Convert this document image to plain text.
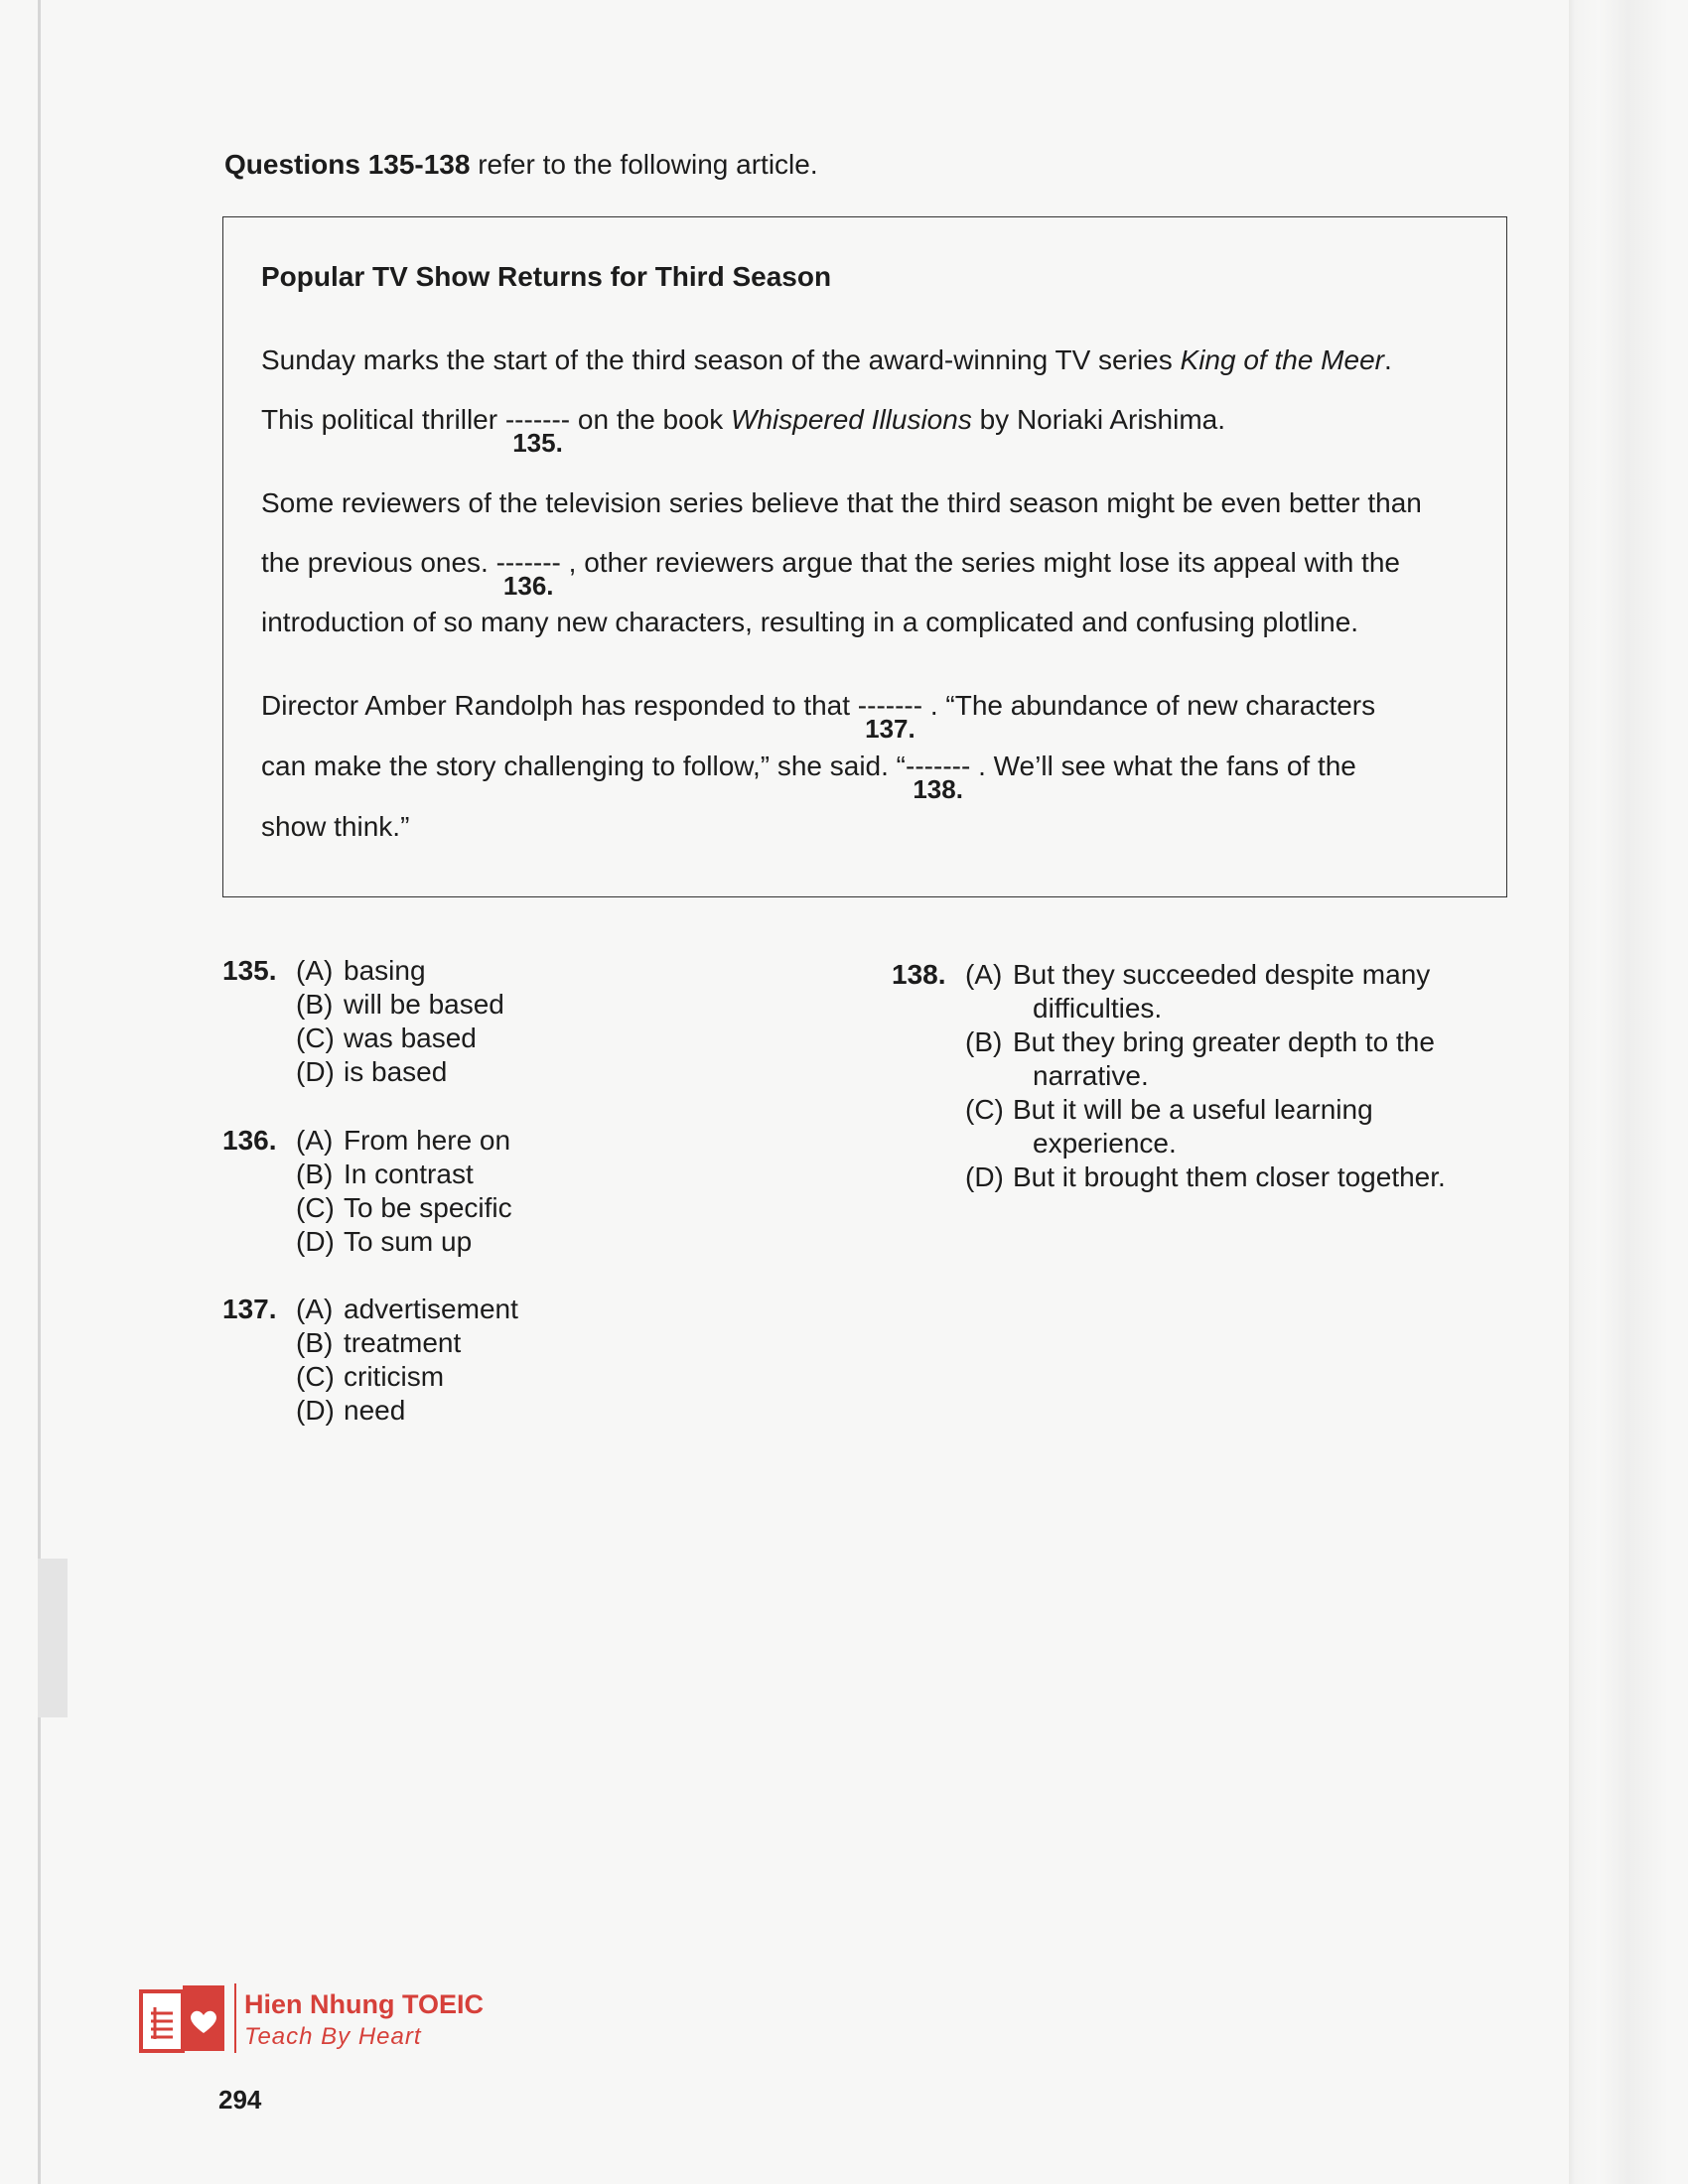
Questions 135-138 refer to the following article.
Popular TV Show Returns for Third Season
Sunday marks the start of the third season of the award-winning TV series King of the Meer.
This political thriller -------
135.
on the book Whispered Illusions by Noriaki Arishima.
Some reviewers of the television series believe that the third season might be even better than
the previous ones. -------
136.
, other reviewers argue that the series might lose its appeal with the
introduction of so many new characters, resulting in a complicated and confusing plotline.
Director Amber Randolph has responded to that -------
137.
. “The abundance of new characters
can make the story challenging to follow,” she said. “-------
138.
. We’ll see what the fans of the
show think.”
135. (A) basing
(B) will be based
(C) was based
(D) is based
136. (A) From here on
(B) In contrast
(C) To be specific
(D) To sum up
137. (A) advertisement
(B) treatment
(C) criticism
(D) need
138. (A) But they succeeded despite many
difficulties.
(B) But they bring greater depth to the
narrative.
(C) But it will be a useful learning
experience.
(D) But it brought them closer together.
Hien Nhung TOEIC
Teach By Heart
294
